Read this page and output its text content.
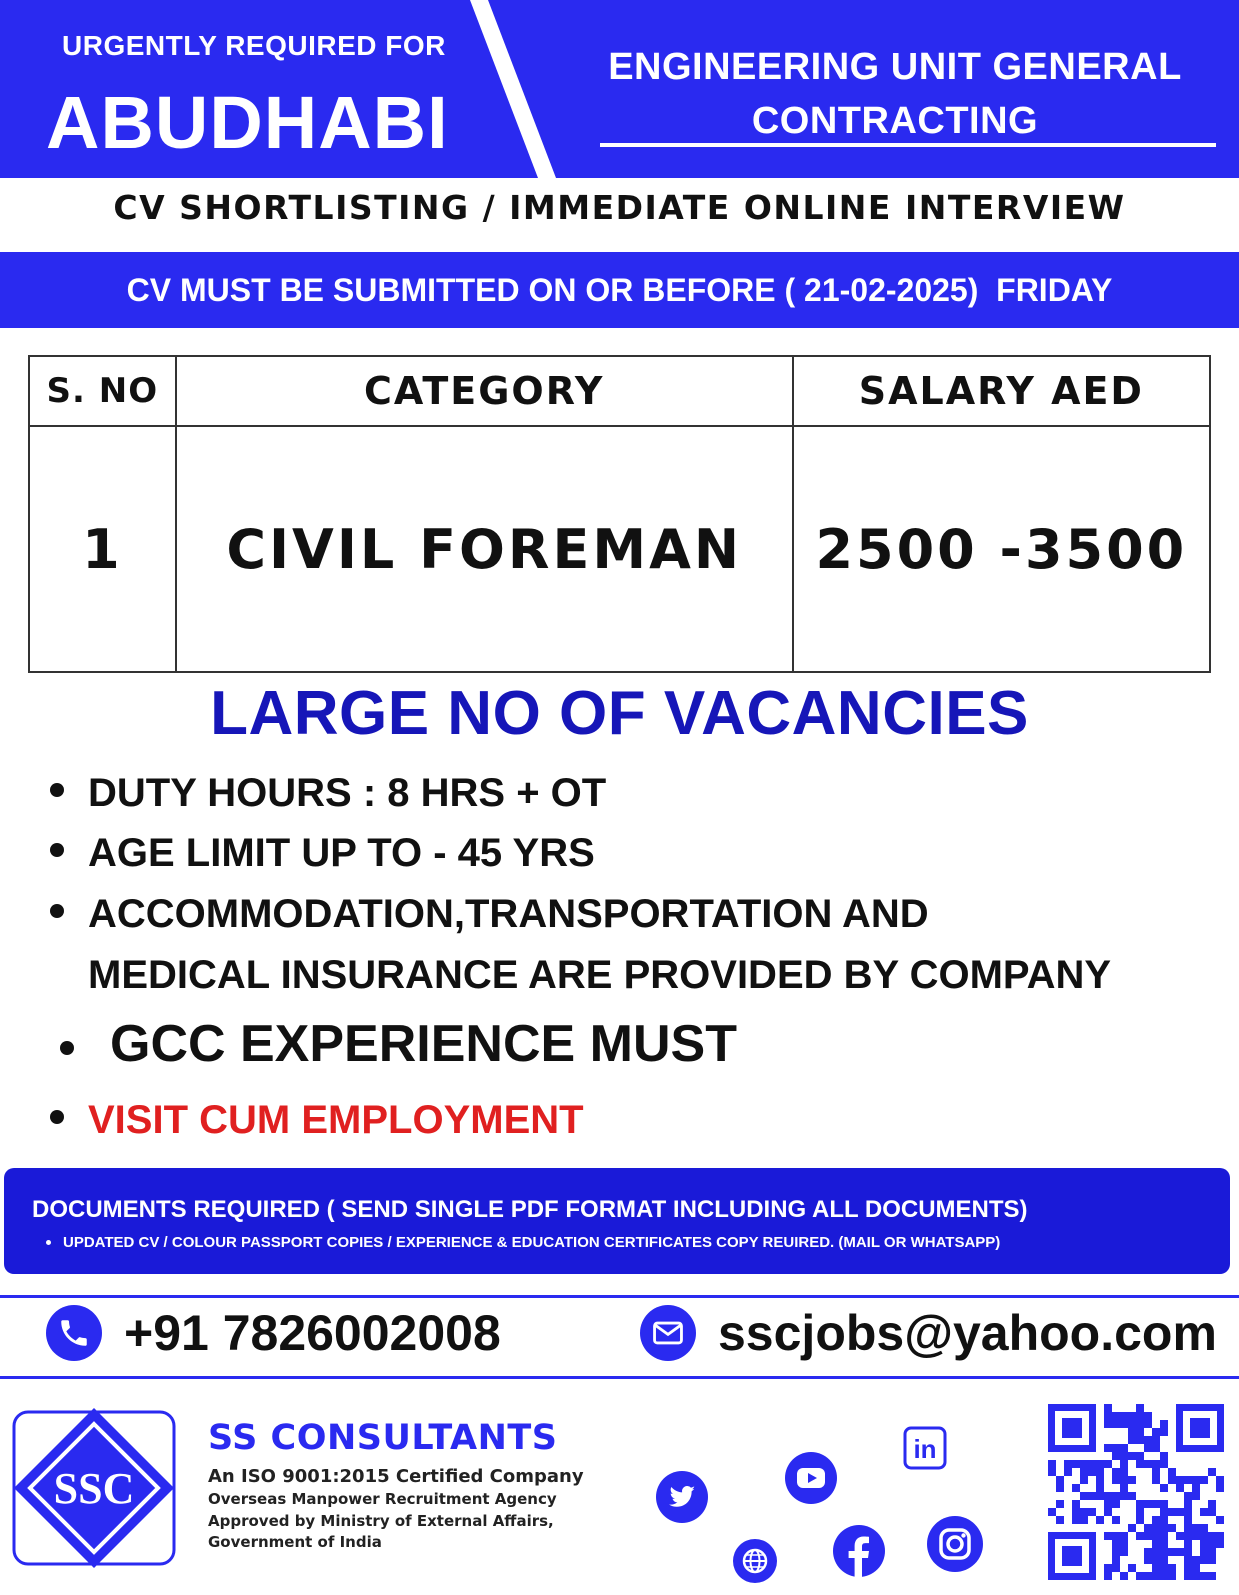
URGENTLY REQUIRED FOR
ABUDHABI
ENGINEERING UNIT GENERAL
CONTRACTING
CV SHORTLISTING / IMMEDIATE ONLINE INTERVIEW
CV MUST BE SUBMITTED ON OR BEFORE ( 21-02-2025)  FRIDAY
S. NO	CATEGORY	SALARY AED
1	CIVIL FOREMAN	2500 -3500
LARGE NO OF VACANCIES
DUTY HOURS : 8 HRS + OT
AGE LIMIT UP TO - 45 YRS
ACCOMMODATION,TRANSPORTATION AND
MEDICAL INSURANCE ARE PROVIDED BY COMPANY
GCC EXPERIENCE MUST
VISIT CUM EMPLOYMENT
DOCUMENTS REQUIRED ( SEND SINGLE PDF FORMAT INCLUDING ALL DOCUMENTS)
UPDATED CV / COLOUR PASSPORT COPIES / EXPERIENCE & EDUCATION CERTIFICATES COPY REUIRED. (MAIL OR WHATSAPP)
+91 7826002008	sscjobs@yahoo.com
SSC
SS CONSULTANTS
An ISO 9001:2015 Certified Company
Overseas Manpower Recruitment Agency
Approved by Ministry of External Affairs,
Government of India
in
